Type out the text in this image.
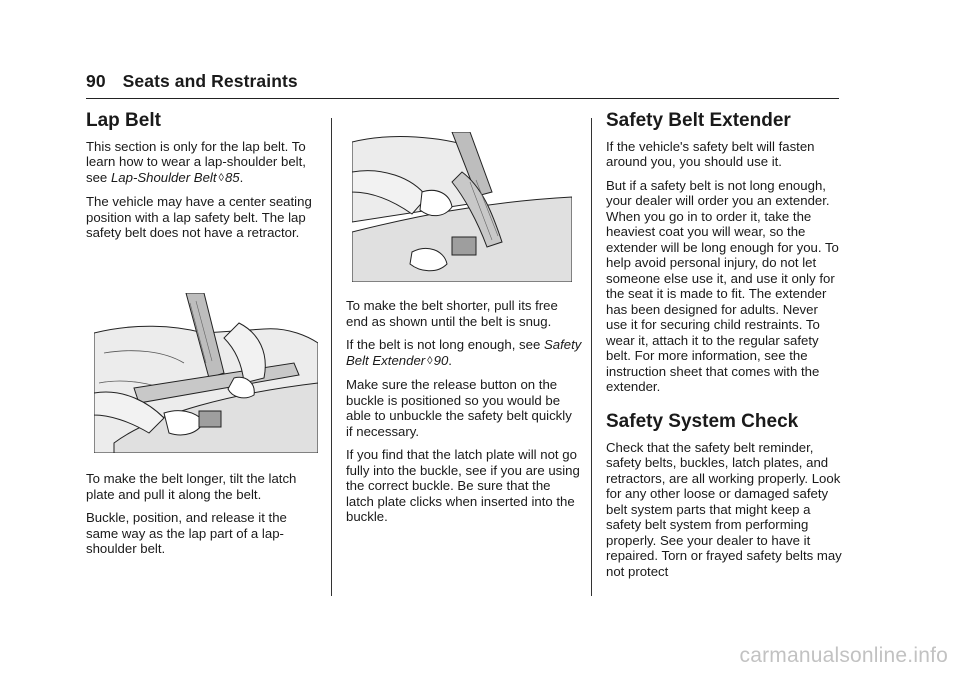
90 Seats and Restraints
Lap Belt

This section is only for the lap belt. To learn how to wear a lap-shoulder belt, see Lap-Shoulder Belt ◊85.

The vehicle may have a center seating position with a lap safety belt. The lap safety belt does not have a retractor.

To make the belt longer, tilt the latch plate and pull it along the belt.

Buckle, position, and release it the same way as the lap part of a lap-shoulder belt.

To make the belt shorter, pull its free end as shown until the belt is snug.

If the belt is not long enough, see Safety Belt Extender ◊90.

Make sure the release button on the buckle is positioned so you would be able to unbuckle the safety belt quickly if necessary.

If you find that the latch plate will not go fully into the buckle, see if you are using the correct buckle. Be sure that the latch plate clicks when inserted into the buckle.

Safety Belt Extender

If the vehicle's safety belt will fasten around you, you should use it.

But if a safety belt is not long enough, your dealer will order you an extender. When you go in to order it, take the heaviest coat you will wear, so the extender will be long enough for you. To help avoid personal injury, do not let someone else use it, and use it only for the seat it is made to fit. The extender has been designed for adults. Never use it for securing child restraints. To wear it, attach it to the regular safety belt. For more information, see the instruction sheet that comes with the extender.

Safety System Check

Check that the safety belt reminder, safety belts, buckles, latch plates, and retractors, are all working properly. Look for any other loose or damaged safety belt system parts that might keep a safety belt system from performing properly. See your dealer to have it repaired. Torn or frayed safety belts may not protect

carmanualsonline.info
